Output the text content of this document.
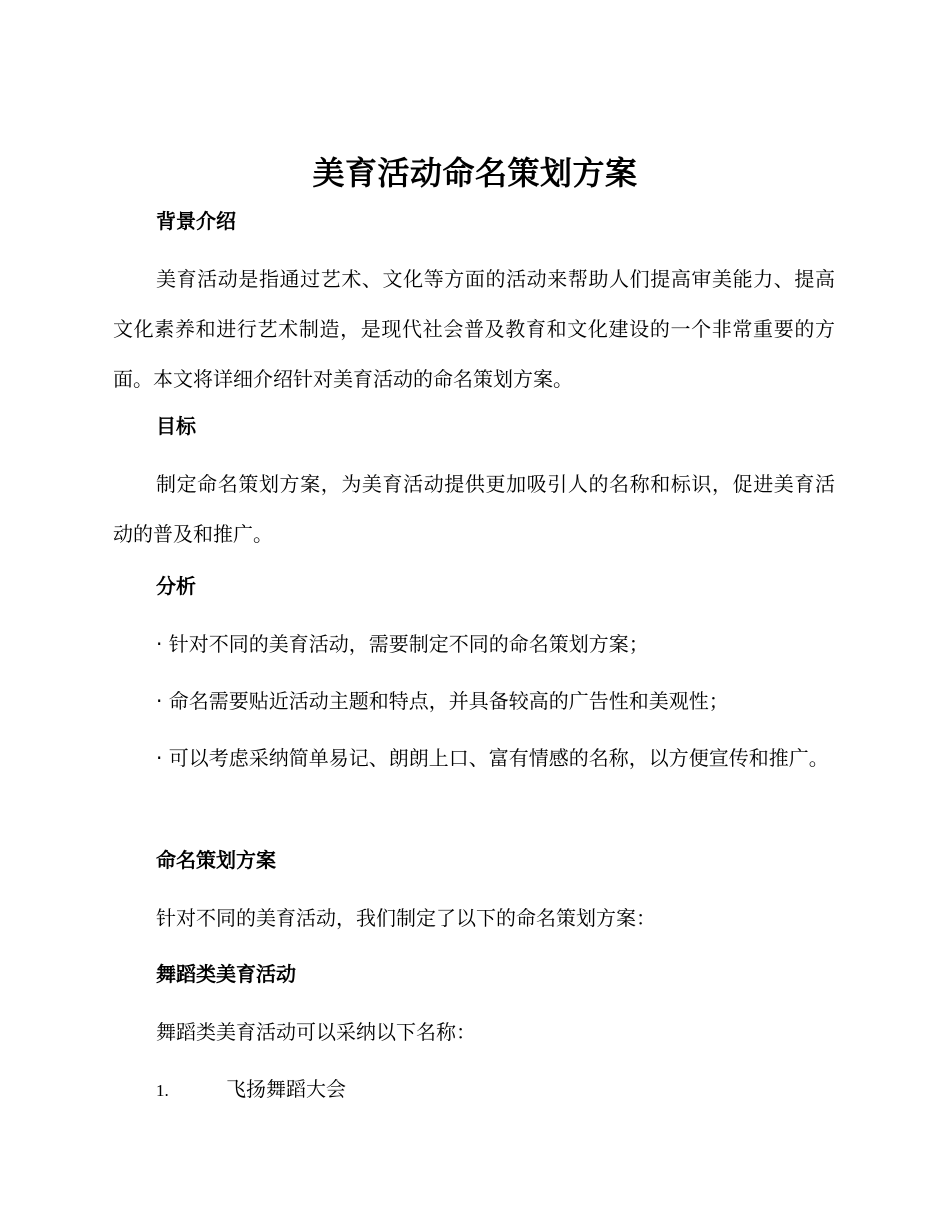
美育活动命名策划方案
背景介绍

美育活动是指通过艺术、文化等方面的活动来帮助人们提高审美能力、提高文化素养和进行艺术制造，是现代社会普及教育和文化建设的一个非常重要的方面。本文将详细介绍针对美育活动的命名策划方案。

目标

制定命名策划方案，为美育活动提供更加吸引人的名称和标识，促进美育活动的普及和推广。

分析

· 针对不同的美育活动，需要制定不同的命名策划方案；

· 命名需要贴近活动主题和特点，并具备较高的广告性和美观性；

· 可以考虑采纳简单易记、朗朗上口、富有情感的名称，以方便宣传和推广。

命名策划方案
针对不同的美育活动，我们制定了以下的命名策划方案：
舞蹈类美育活动
舞蹈类美育活动可以采纳以下名称：
1.	飞扬舞蹈大会
